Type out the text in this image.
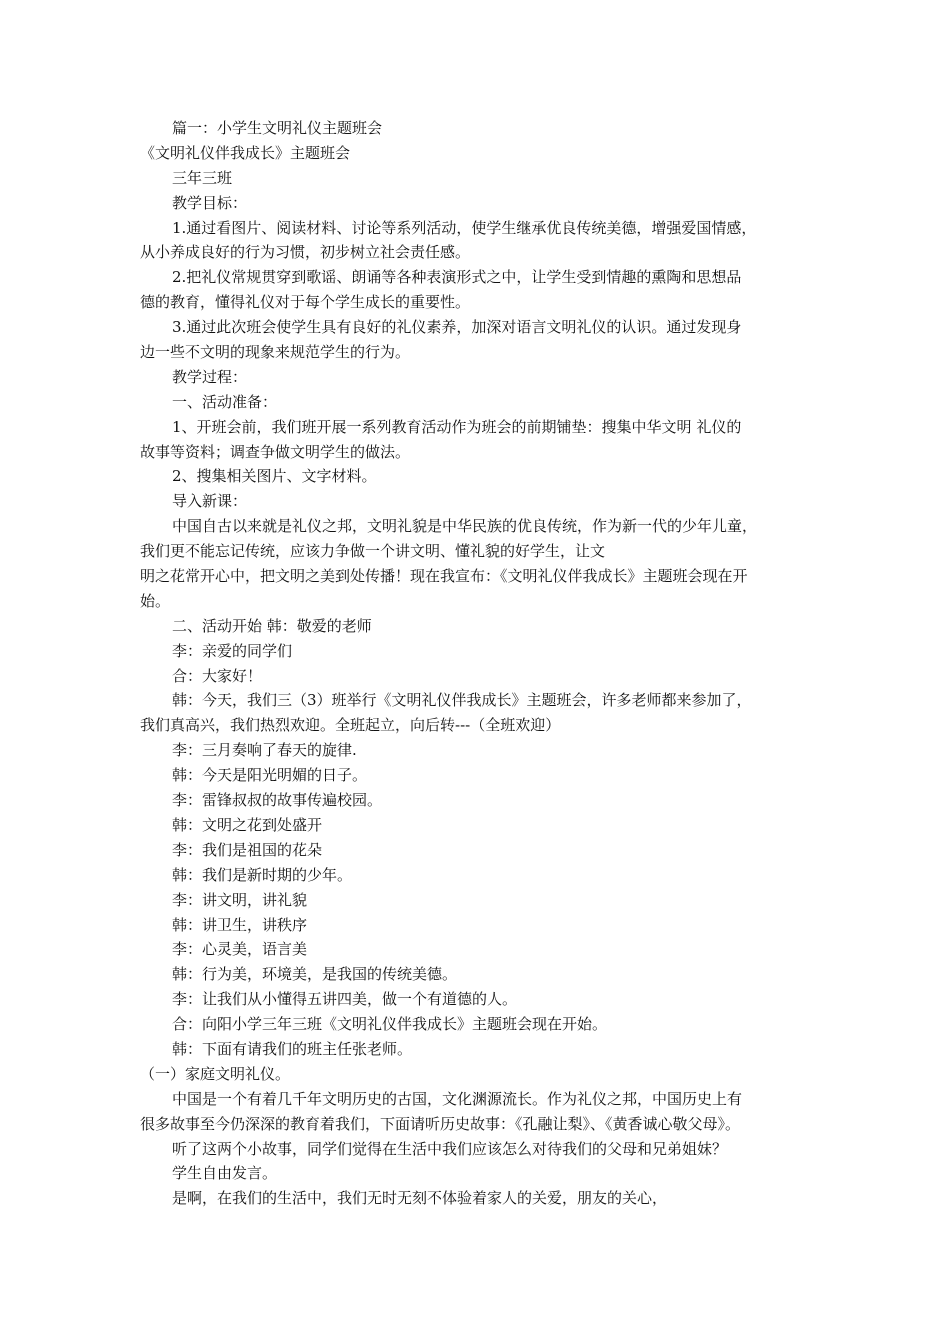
篇一：小学生文明礼仪主题班会
《文明礼仪伴我成长》主题班会
三年三班
教学目标：
1.通过看图片、阅读材料、讨论等系列活动，使学生继承优良传统美德，增强爱国情感，
从小养成良好的行为习惯，初步树立社会责任感。
2.把礼仪常规贯穿到歌谣、朗诵等各种表演形式之中，让学生受到情趣的熏陶和思想品
德的教育，懂得礼仪对于每个学生成长的重要性。
3.通过此次班会使学生具有良好的礼仪素养，加深对语言文明礼仪的认识。通过发现身
边一些不文明的现象来规范学生的行为。
教学过程：
一、活动准备：
1、开班会前，我们班开展一系列教育活动作为班会的前期铺垫：搜集中华文明 礼仪的
故事等资料；调查争做文明学生的做法。
2、搜集相关图片、文字材料。
导入新课：
中国自古以来就是礼仪之邦，文明礼貌是中华民族的优良传统，作为新一代的少年儿童，
我们更不能忘记传统，应该力争做一个讲文明、懂礼貌的好学生，让文
明之花常开心中，把文明之美到处传播！现在我宣布：《文明礼仪伴我成长》主题班会现在开
始。
二、活动开始 韩：敬爱的老师
李：亲爱的同学们
合：大家好！
韩：今天，我们三（3）班举行《文明礼仪伴我成长》主题班会，许多老师都来参加了，
我们真高兴，我们热烈欢迎。全班起立，向后转---（全班欢迎）
李：三月奏响了春天的旋律.
韩：今天是阳光明媚的日子。
李：雷锋叔叔的故事传遍校园。
韩：文明之花到处盛开
李：我们是祖国的花朵
韩：我们是新时期的少年。
李：讲文明，讲礼貌
韩：讲卫生，讲秩序
李：心灵美，语言美
韩：行为美，环境美，是我国的传统美德。
李：让我们从小懂得五讲四美，做一个有道德的人。
合：向阳小学三年三班《文明礼仪伴我成长》主题班会现在开始。
韩：下面有请我们的班主任张老师。
（一）家庭文明礼仪。
中国是一个有着几千年文明历史的古国，文化渊源流长。作为礼仪之邦，中国历史上有
很多故事至今仍深深的教育着我们，下面请听历史故事：《孔融让梨》、《黄香诚心敬父母》。
听了这两个小故事，同学们觉得在生活中我们应该怎么对待我们的父母和兄弟姐妹？
学生自由发言。
是啊，在我们的生活中，我们无时无刻不体验着家人的关爱，朋友的关心，
